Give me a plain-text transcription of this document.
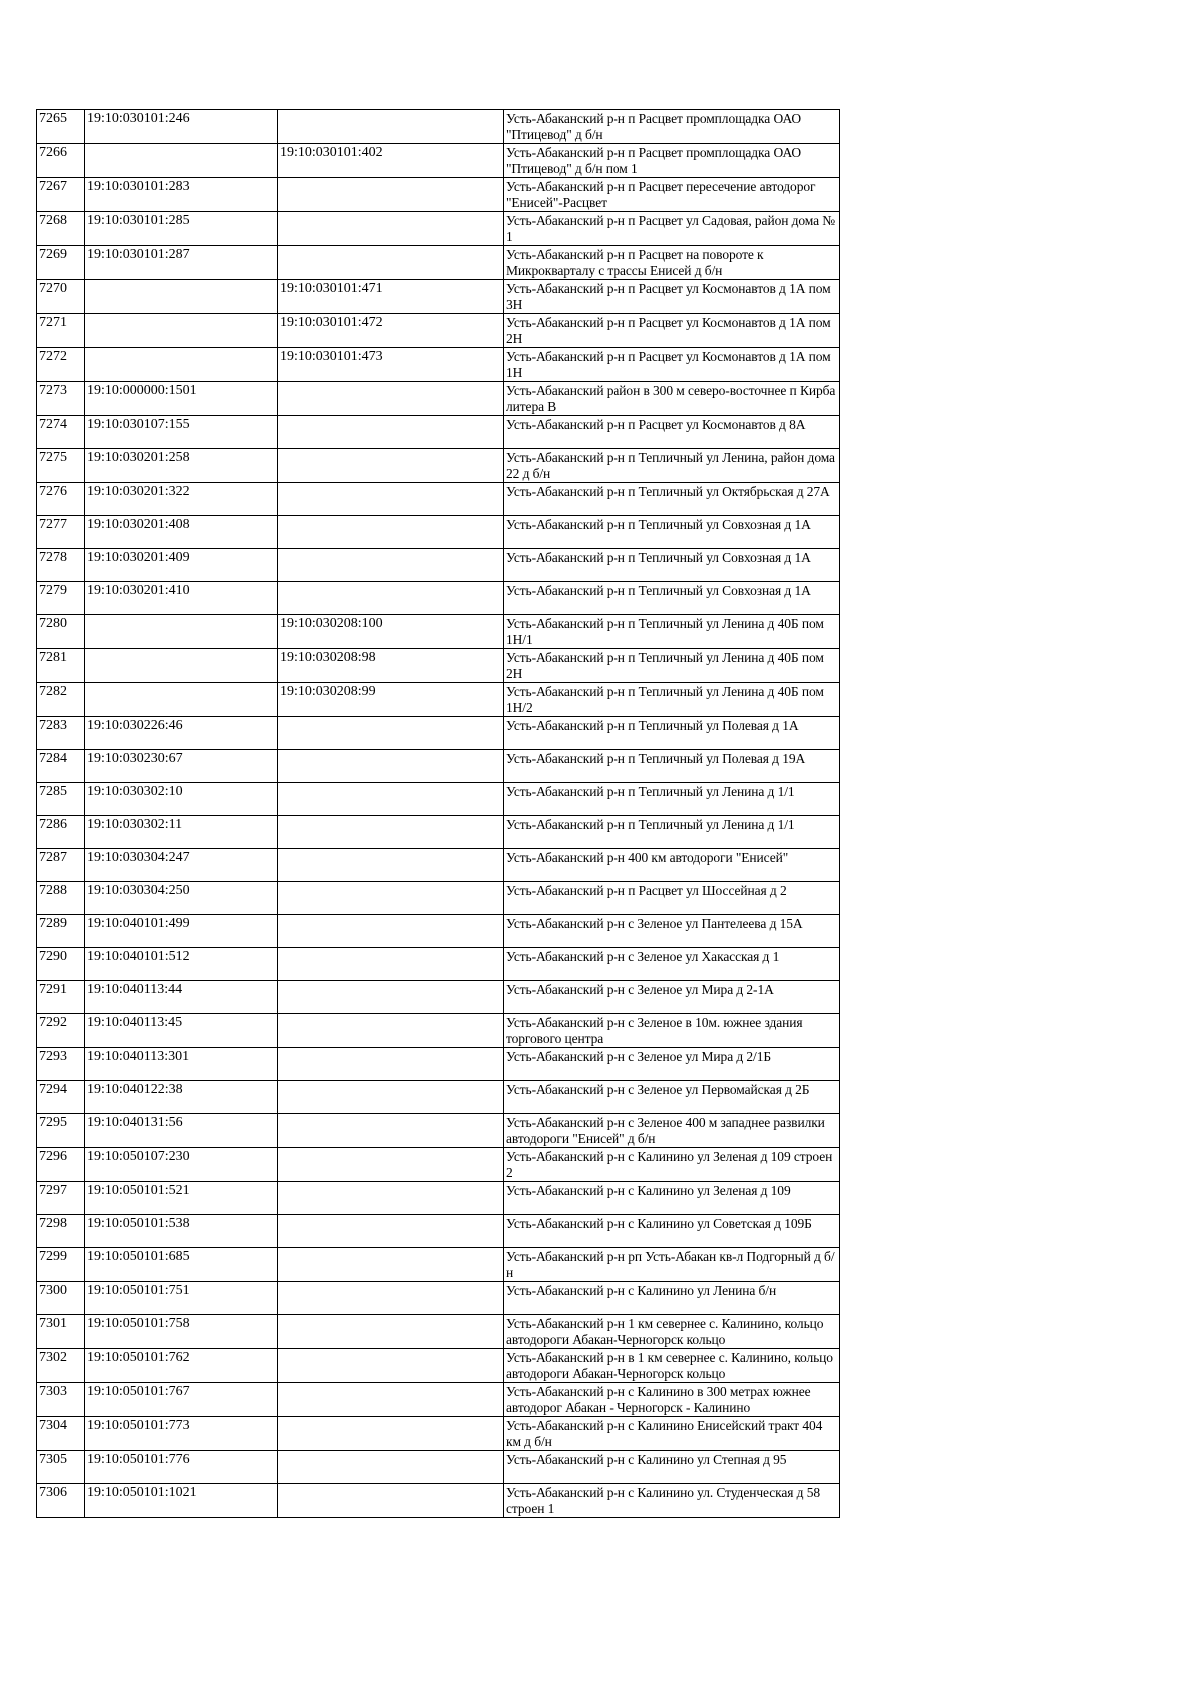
7265	19:10:030101:246		Усть-Абаканский р-н п Расцвет промплощадка ОАО "Птицевод" д б/н
7266		19:10:030101:402	Усть-Абаканский р-н п Расцвет промплощадка ОАО "Птицевод" д б/н пом 1
7267	19:10:030101:283		Усть-Абаканский р-н п Расцвет пересечение автодорог "Енисей"-Расцвет
7268	19:10:030101:285		Усть-Абаканский р-н п Расцвет ул Садовая, район дома № 1
7269	19:10:030101:287		Усть-Абаканский р-н п Расцвет на повороте к Микрокварталу с трассы Енисей д б/н
7270		19:10:030101:471	Усть-Абаканский р-н п Расцвет ул Космонавтов д 1А пом 3Н
7271		19:10:030101:472	Усть-Абаканский р-н п Расцвет ул Космонавтов д 1А пом 2Н
7272		19:10:030101:473	Усть-Абаканский р-н п Расцвет ул Космонавтов д 1А пом 1Н
7273	19:10:000000:1501		Усть-Абаканский район в 300 м северо-восточнее п Кирба литера В
7274	19:10:030107:155		Усть-Абаканский р-н п Расцвет ул Космонавтов д 8А
7275	19:10:030201:258		Усть-Абаканский р-н п Тепличный ул Ленина, район дома 22 д б/н
7276	19:10:030201:322		Усть-Абаканский р-н п Тепличный ул Октябрьская д 27А
7277	19:10:030201:408		Усть-Абаканский р-н п Тепличный ул Совхозная д 1А
7278	19:10:030201:409		Усть-Абаканский р-н п Тепличный ул Совхозная д 1А
7279	19:10:030201:410		Усть-Абаканский р-н п Тепличный ул Совхозная д 1А
7280		19:10:030208:100	Усть-Абаканский р-н п Тепличный ул Ленина д 40Б пом 1Н/1
7281		19:10:030208:98	Усть-Абаканский р-н п Тепличный ул Ленина д 40Б пом 2Н
7282		19:10:030208:99	Усть-Абаканский р-н п Тепличный ул Ленина д 40Б пом 1Н/2
7283	19:10:030226:46		Усть-Абаканский р-н п Тепличный ул Полевая д 1А
7284	19:10:030230:67		Усть-Абаканский р-н п Тепличный ул Полевая д 19А
7285	19:10:030302:10		Усть-Абаканский р-н п Тепличный ул Ленина д 1/1
7286	19:10:030302:11		Усть-Абаканский р-н п Тепличный ул Ленина д 1/1
7287	19:10:030304:247		Усть-Абаканский р-н 400 км автодороги "Енисей"
7288	19:10:030304:250		Усть-Абаканский р-н п Расцвет ул Шоссейная д 2
7289	19:10:040101:499		Усть-Абаканский р-н с Зеленое ул Пантелеева д 15А
7290	19:10:040101:512		Усть-Абаканский р-н с Зеленое ул Хакасская д 1
7291	19:10:040113:44		Усть-Абаканский р-н с Зеленое ул Мира д 2-1А
7292	19:10:040113:45		Усть-Абаканский р-н с Зеленое в 10м. южнее здания торгового центра
7293	19:10:040113:301		Усть-Абаканский р-н с Зеленое ул Мира д 2/1Б
7294	19:10:040122:38		Усть-Абаканский р-н с Зеленое ул Первомайская д 2Б
7295	19:10:040131:56		Усть-Абаканский р-н с Зеленое 400 м западнее развилки автодороги "Енисей" д б/н
7296	19:10:050107:230		Усть-Абаканский р-н с Калинино ул Зеленая д 109 строен 2
7297	19:10:050101:521		Усть-Абаканский р-н с Калинино ул Зеленая д 109
7298	19:10:050101:538		Усть-Абаканский р-н с Калинино ул Советская д 109Б
7299	19:10:050101:685		Усть-Абаканский р-н рп Усть-Абакан кв-л Подгорный д б/н
7300	19:10:050101:751		Усть-Абаканский р-н с Калинино ул Ленина б/н
7301	19:10:050101:758		Усть-Абаканский р-н 1 км севернее с. Калинино, кольцо автодороги Абакан-Черногорск кольцо
7302	19:10:050101:762		Усть-Абаканский р-н в 1 км севернее с. Калинино, кольцо автодороги Абакан-Черногорск кольцо
7303	19:10:050101:767		Усть-Абаканский р-н с Калинино в 300 метрах южнее автодорог Абакан - Черногорск - Калинино
7304	19:10:050101:773		Усть-Абаканский р-н с Калинино Енисейский тракт 404 км д б/н
7305	19:10:050101:776		Усть-Абаканский р-н с Калинино ул Степная д 95
7306	19:10:050101:1021		Усть-Абаканский р-н с Калинино ул. Студенческая д 58 строен 1
